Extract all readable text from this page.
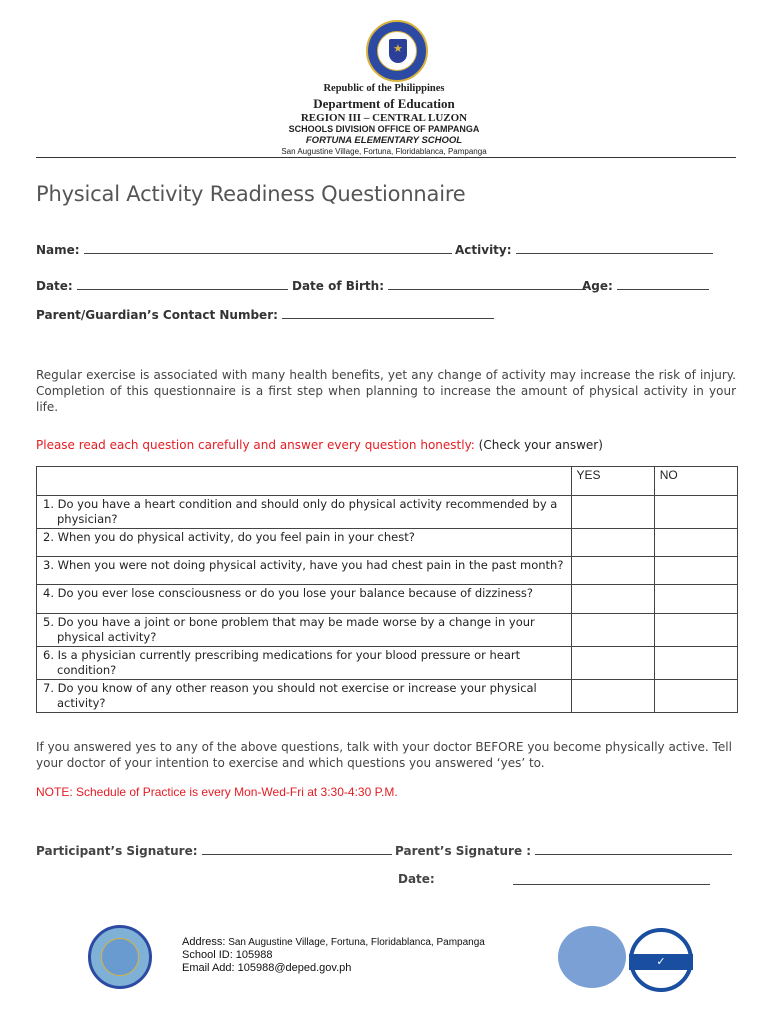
★
Republic of the Philippines
Department of Education
REGION III – CENTRAL LUZON
SCHOOLS DIVISION OFFICE OF PAMPANGA
FORTUNA ELEMENTARY SCHOOL
San Augustine Village, Fortuna, Floridablanca, Pampanga
Physical Activity Readiness Questionnaire
Name:	Activity:
Date:	Date of Birth:	Age:
Parent/Guardian’s Contact Number:
Regular exercise is associated with many health benefits, yet any change of activity may increase the risk of injury. Completion of this questionnaire is a first step when planning to increase the amount of physical activity in your life.
Please read each question carefully and answer every question honestly: (Check your answer)
	YES	NO
1. Do you have a heart condition and should only do physical activity recommended by a physician?		
2. When you do physical activity, do you feel pain in your chest?		
3. When you were not doing physical activity, have you had chest pain in the past month?		
4. Do you ever lose consciousness or do you lose your balance because of dizziness?		
5. Do you have a joint or bone problem that may be made worse by a change in your physical activity?		
6. Is a physician currently prescribing medications for your blood pressure or heart condition?		
7. Do you know of any other reason you should not exercise or increase your physical activity?		
If you answered yes to any of the above questions, talk with your doctor BEFORE you become physically active. Tell your doctor of your intention to exercise and which questions you answered ‘yes’ to.
NOTE: Schedule of Practice is every Mon-Wed-Fri at 3:30-4:30 P.M.
Participant’s Signature:	Parent’s Signature :
Date:
Address: San Augustine Village, Fortuna, Floridablanca, Pampanga
School ID: 105988
Email Add: 105988@deped.gov.ph	✓
